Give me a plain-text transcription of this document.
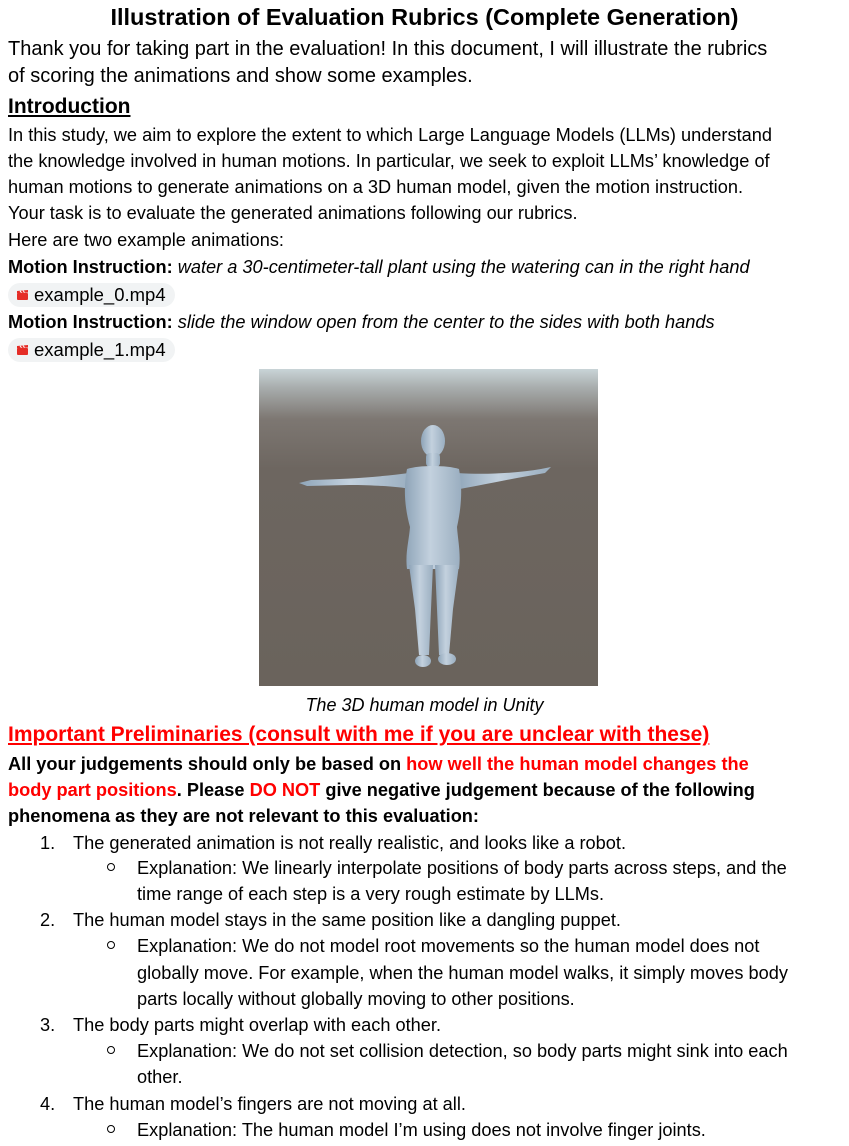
Illustration of Evaluation Rubrics (Complete Generation)
Thank you for taking part in the evaluation! In this document, I will illustrate the rubrics
of scoring the animations and show some examples.
Introduction
In this study, we aim to explore the extent to which Large Language Models (LLMs) understand
the knowledge involved in human motions. In particular, we seek to exploit LLMs’ knowledge of
human motions to generate animations on a 3D human model, given the motion instruction.
Your task is to evaluate the generated animations following our rubrics.
Here are two example animations:
Motion Instruction: water a 30-centimeter-tall plant using the watering can in the right hand
example_0.mp4
Motion Instruction: slide the window open from the center to the sides with both hands
example_1.mp4
The 3D human model in Unity
Important Preliminaries (consult with me if you are unclear with these)
All your judgements should only be based on how well the human model changes the
body part positions. Please DO NOT give negative judgement because of the following
phenomena as they are not relevant to this evaluation:
1. The generated animation is not really realistic, and looks like a robot.
Explanation: We linearly interpolate positions of body parts across steps, and the
time range of each step is a very rough estimate by LLMs.
2. The human model stays in the same position like a dangling puppet.
Explanation: We do not model root movements so the human model does not
globally move. For example, when the human model walks, it simply moves body
parts locally without globally moving to other positions.
3. The body parts might overlap with each other.
Explanation: We do not set collision detection, so body parts might sink into each
other.
4. The human model’s fingers are not moving at all.
Explanation: The human model I’m using does not involve finger joints.
